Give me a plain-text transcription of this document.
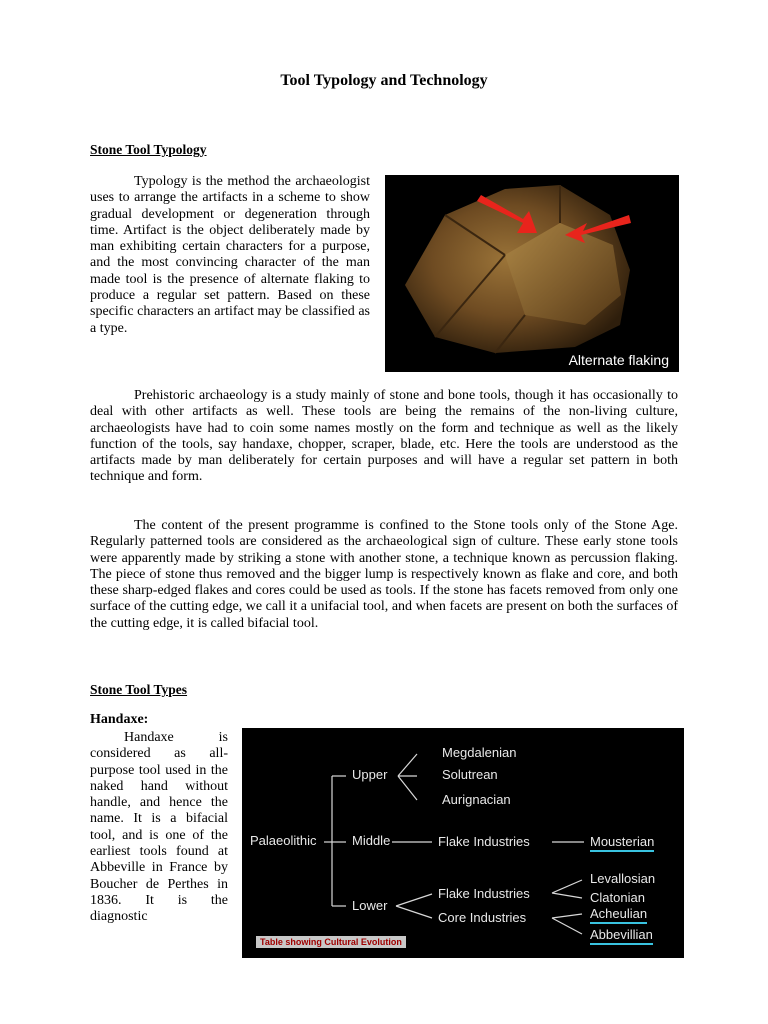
Tool Typology and Technology
Stone Tool Typology

Typology is the method the archaeologist uses to arrange the artifacts in a scheme to show gradual development or degeneration through time. Artifact is the object deliberately made by man exhibiting certain characters for a purpose, and the most convincing character of the man made tool is the presence of alternate flaking to produce a regular set pattern. Based on these specific characters an artifact may be classified as a type.

Alternate flaking

Prehistoric archaeology is a study mainly of stone and bone tools, though it has occasionally to deal with other artifacts as well. These tools are being the remains of the non-living culture, archaeologists have had to coin some names mostly on the form and technique as well as the likely function of the tools, say handaxe, chopper, scraper, blade, etc. Here the tools are understood as the artifacts made by man deliberately for certain purposes and will have a regular set pattern in both technique and form.

The content of the present programme is confined to the Stone tools only of the Stone Age. Regularly patterned tools are considered as the archaeological sign of culture. These early stone tools were apparently made by striking a stone with another stone, a technique known as percussion flaking. The piece of stone thus removed and the bigger lump is respectively known as flake and core, and both these sharp-edged flakes and cores could be used as tools. If the stone has facets removed from only one surface of the cutting edge, we call it a unifacial tool, and when facets are present on both the surfaces of the cutting edge, it is called bifacial tool.

Stone Tool Types
Handaxe:

Handaxe is considered as all-purpose tool used in the naked hand without handle, and hence the name. It is a bifacial tool, and is one of the earliest tools found at Abbeville in France by Boucher de Perthes in 1836. It is the diagnostic

Palaeolithic
Upper
Middle
Lower
Megdalenian
Solutrean
Aurignacian
Flake Industries	Mousterian
Flake Industries
Core Industries
Levallosian
Clatonian
Acheulian
Abbevillian
Table showing Cultural Evolution
